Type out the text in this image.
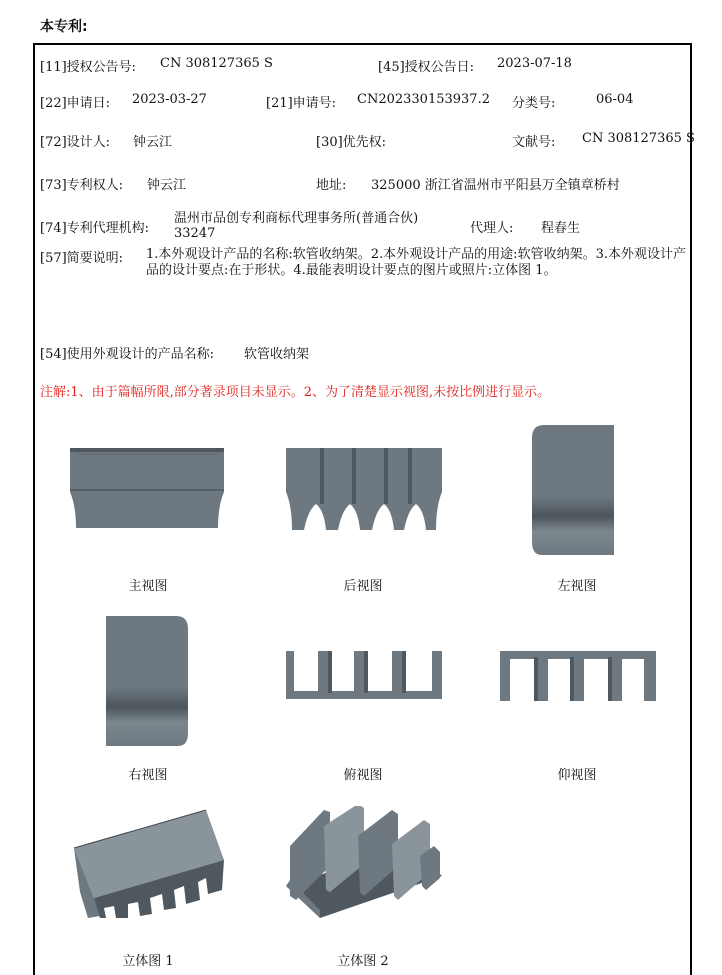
本专利:
[11]授权公告号: CN 308127365 S	[45]授权公告日: 2023-07-18
[22]申请日: 2023-03-27	[21]申请号: CN202330153937.2 分类号:	06-04
[72]设计人: 钟云江	[30]优先权:	文献号: CN 308127365 S
[73]专利权人: 钟云江	地址: 325000 浙江省温州市平阳县万全镇章桥村
[74]专利代理机构:
温州市品创专利商标代理事务所(普通合伙)
33247	代理人: 程春生
[57]简要说明: 1.本外观设计产品的名称:软管收纳架。2.本外观设计产品的用途:软管收纳架。3.本外观设计产品的设计要点:在于形状。4.最能表明设计要点的图片或照片:立体图 1。
[54]使用外观设计的产品名称: 软管收纳架
注解:1、由于篇幅所限,部分著录项目未显示。2、为了清楚显示视图,未按比例进行显示。
主视图	后视图	左视图
右视图	俯视图	仰视图
立体图 1	立体图 2
